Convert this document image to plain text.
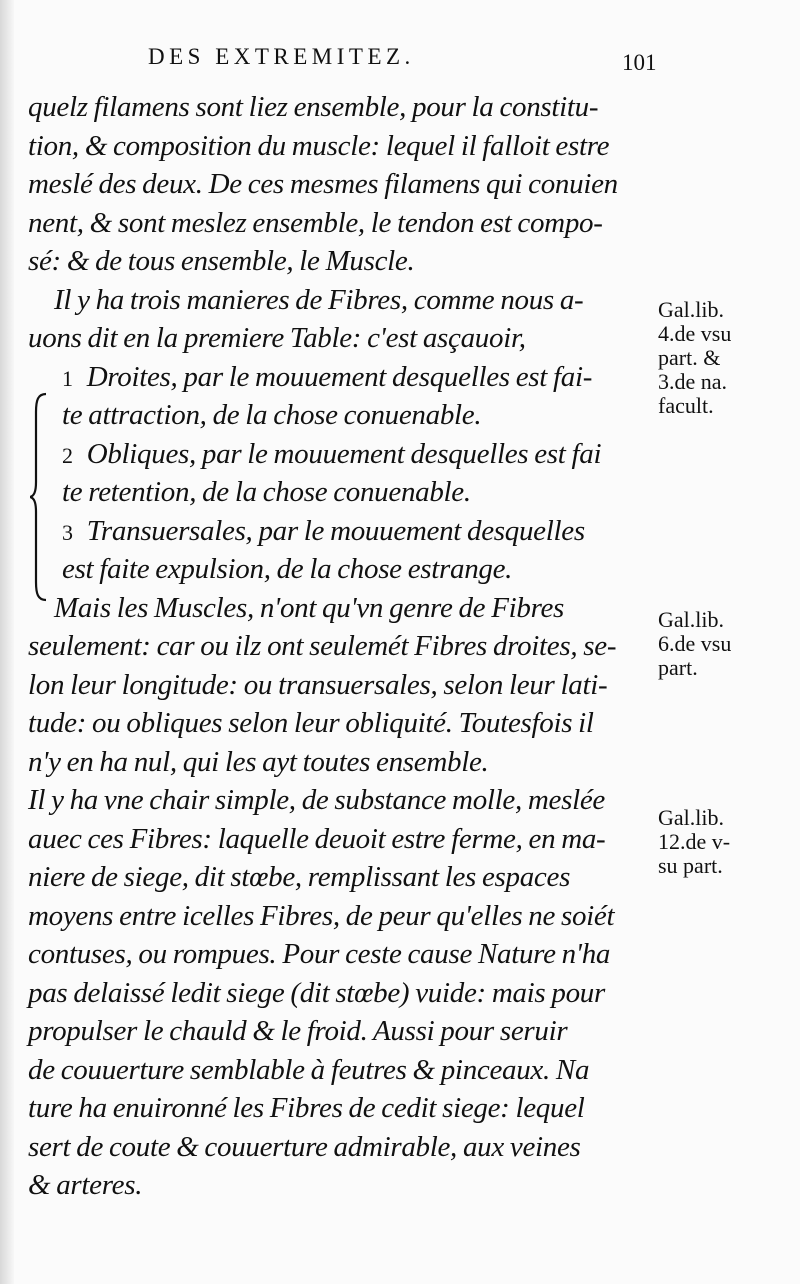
DES EXTREMITEZ.	101
quelz filamens sont liez ensemble, pour la constitu-
tion, & composition du muscle: lequel il falloit estre
meslé des deux. De ces mesmes filamens qui conuien
nent, & sont meslez ensemble, le tendon est compo-
sé: & de tous ensemble, le Muscle.
Il y ha trois manieres de Fibres, comme nous a-
uons dit en la premiere Table: c'est asçauoir,
1 Droites, par le mouuement desquelles est fai-
te attraction, de la chose conuenable.
2 Obliques, par le mouuement desquelles est fai
te retention, de la chose conuenable.
3 Transuersales, par le mouuement desquelles
est faite expulsion, de la chose estrange.
Mais les Muscles, n'ont qu'vn genre de Fibres
seulement: car ou ilz ont seulemét Fibres droites, se-
lon leur longitude: ou transuersales, selon leur lati-
tude: ou obliques selon leur obliquité. Toutesfois il
n'y en ha nul, qui les ayt toutes ensemble.
Il y ha vne chair simple, de substance molle, meslée
auec ces Fibres: laquelle deuoit estre ferme, en ma-
niere de siege, dit stœbe, remplissant les espaces
moyens entre icelles Fibres, de peur qu'elles ne soiét
contuses, ou rompues. Pour ceste cause Nature n'ha
pas delaissé ledit siege (dit stœbe) vuide: mais pour
propulser le chauld & le froid. Aussi pour seruir
de couuerture semblable à feutres & pinceaux. Na
ture ha enuironné les Fibres de cedit siege: lequel
sert de coute & couuerture admirable, aux veines
& arteres.
Gal.lib.
4.de vsu
part. &
3.de na.
facult.
Gal.lib.
6.de vsu
part.
Gal.lib.
12.de v-
su part.
